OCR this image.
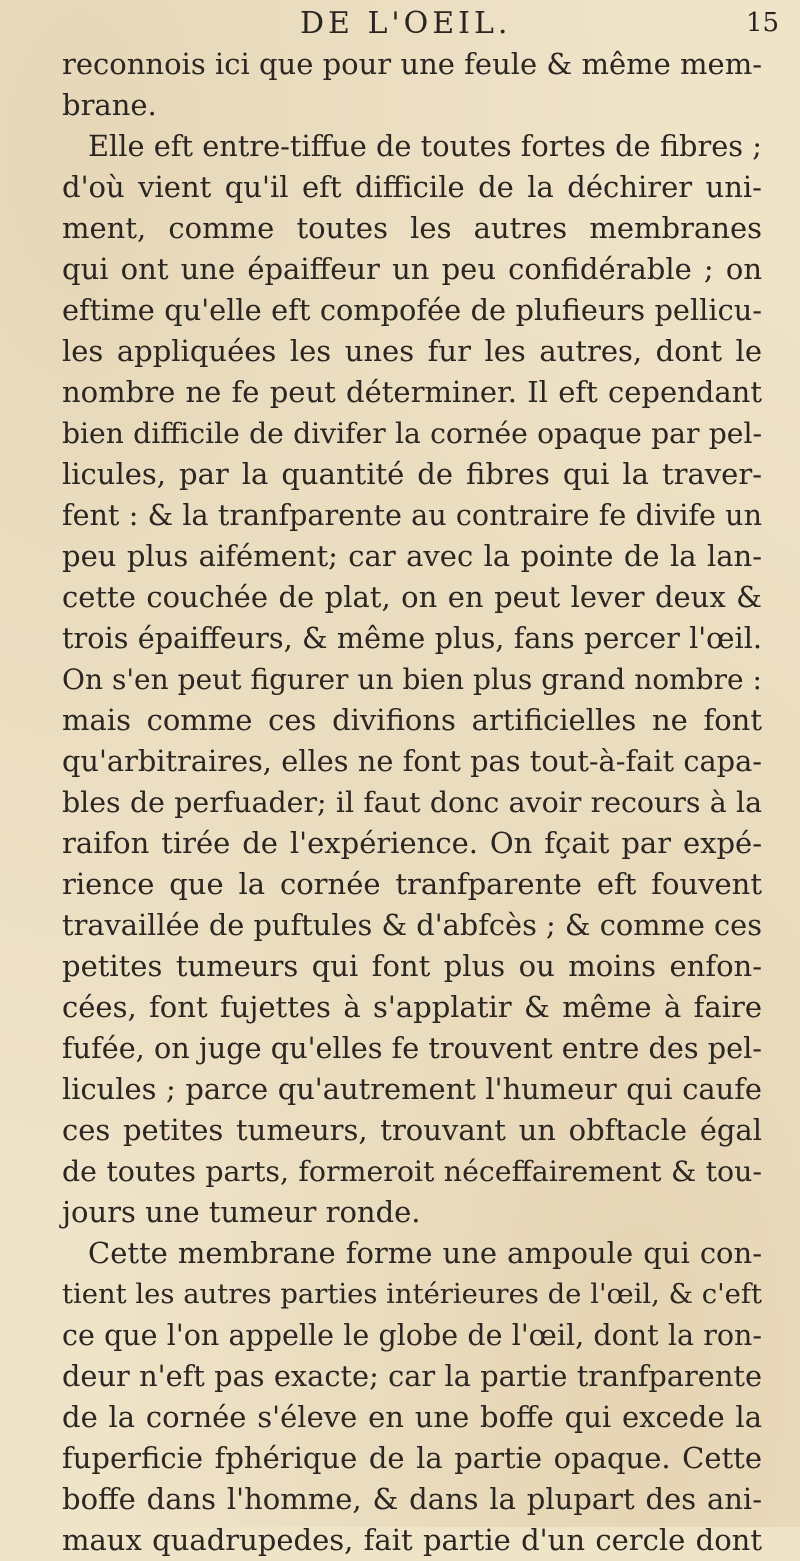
DE L'OEIL.	15
reconnois ici que pour une feule & même mem-
brane.
Elle eft entre-tiffue de toutes fortes de fibres ;
d'où vient qu'il eft difficile de la déchirer uni-
ment, comme toutes les autres membranes
qui ont une épaiffeur un peu confidérable ; on
eftime qu'elle eft compofée de plufieurs pellicu-
les appliquées les unes fur les autres, dont le
nombre ne fe peut déterminer. Il eft cependant
bien difficile de divifer la cornée opaque par pel-
licules, par la quantité de fibres qui la traver-
fent : & la tranfparente au contraire fe divife un
peu plus aifément; car avec la pointe de la lan-
cette couchée de plat, on en peut lever deux &
trois épaiffeurs, & même plus, fans percer l'œil.
On s'en peut figurer un bien plus grand nombre :
mais comme ces divifions artificielles ne font
qu'arbitraires, elles ne font pas tout-à-fait capa-
bles de perfuader; il faut donc avoir recours à la
raifon tirée de l'expérience. On fçait par expé-
rience que la cornée tranfparente eft fouvent
travaillée de puftules & d'abfcès ; & comme ces
petites tumeurs qui font plus ou moins enfon-
cées, font fujettes à s'applatir & même à faire
fufée, on juge qu'elles fe trouvent entre des pel-
licules ; parce qu'autrement l'humeur qui caufe
ces petites tumeurs, trouvant un obftacle égal
de toutes parts, formeroit néceffairement & tou-
jours une tumeur ronde.
Cette membrane forme une ampoule qui con-
tient les autres parties intérieures de l'œil, & c'eft
ce que l'on appelle le globe de l'œil, dont la ron-
deur n'eft pas exacte; car la partie tranfparente
de la cornée s'éleve en une boffe qui excede la
fuperficie fphérique de la partie opaque. Cette
boffe dans l'homme, & dans la plupart des ani-
maux quadrupedes, fait partie d'un cercle dont
